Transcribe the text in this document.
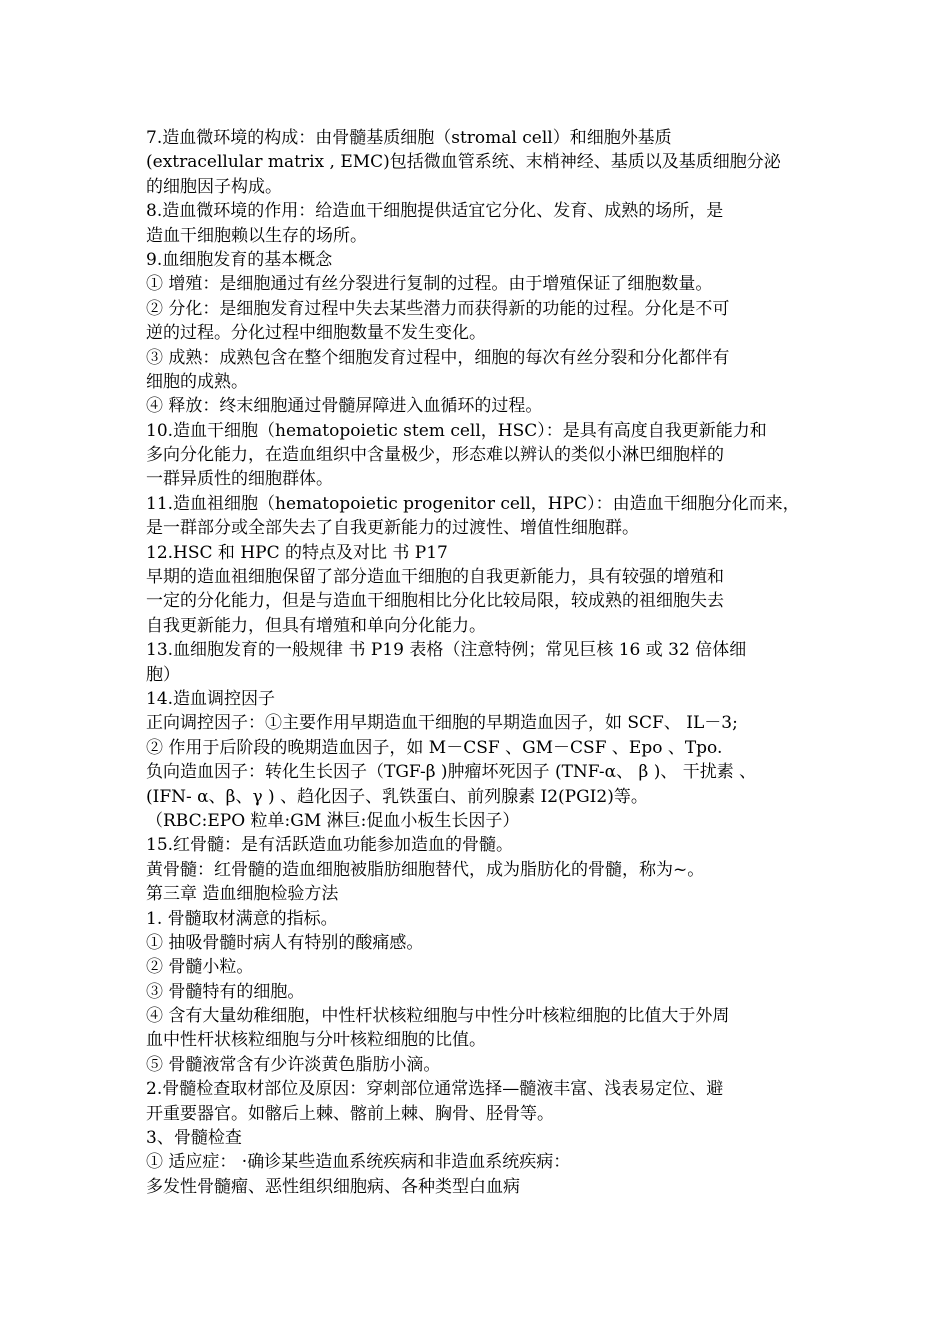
7.造血微环境的构成：由骨髓基质细胞（stromal cell）和细胞外基质
(extracellular matrix , EMC)包括微血管系统、末梢神经、基质以及基质细胞分泌
的细胞因子构成。
8.造血微环境的作用：给造血干细胞提供适宜它分化、发育、成熟的场所，是
造血干细胞赖以生存的场所。
9.血细胞发育的基本概念
① 增殖：是细胞通过有丝分裂进行复制的过程。由于增殖保证了细胞数量。
② 分化：是细胞发育过程中失去某些潜力而获得新的功能的过程。分化是不可
逆的过程。分化过程中细胞数量不发生变化。
③ 成熟：成熟包含在整个细胞发育过程中，细胞的每次有丝分裂和分化都伴有
细胞的成熟。
④ 释放：终末细胞通过骨髓屏障进入血循环的过程。
10.造血干细胞（hematopoietic stem cell，HSC）：是具有高度自我更新能力和
多向分化能力，在造血组织中含量极少，形态难以辨认的类似小淋巴细胞样的
一群异质性的细胞群体。
11.造血祖细胞（hematopoietic progenitor cell，HPC）：由造血干细胞分化而来，
是一群部分或全部失去了自我更新能力的过渡性、增值性细胞群。
12.HSC 和 HPC 的特点及对比 书 P17
早期的造血祖细胞保留了部分造血干细胞的自我更新能力，具有较强的增殖和
一定的分化能力，但是与造血干细胞相比分化比较局限，较成熟的祖细胞失去
自我更新能力，但具有增殖和单向分化能力。
13.血细胞发育的一般规律 书 P19 表格（注意特例；常见巨核 16 或 32 倍体细
胞）
14.造血调控因子
正向调控因子：①主要作用早期造血干细胞的早期造血因子，如 SCF、 IL－3;
② 作用于后阶段的晚期造血因子，如 M－CSF 、GM－CSF 、Epo 、Tpo.
负向造血因子：转化生长因子（TGF-β )肿瘤坏死因子 (TNF-α、 β )、 干扰素 、
(IFN- α、β、γ ) 、趋化因子、乳铁蛋白、前列腺素 I2(PGI2)等。
（RBC:EPO 粒单:GM 淋巨:促血小板生长因子）
15.红骨髓：是有活跃造血功能参加造血的骨髓。
黄骨髓：红骨髓的造血细胞被脂肪细胞替代，成为脂肪化的骨髓，称为~。
第三章 造血细胞检验方法
1. 骨髓取材满意的指标。
① 抽吸骨髓时病人有特别的酸痛感。
② 骨髓小粒。
③ 骨髓特有的细胞。
④ 含有大量幼稚细胞，中性杆状核粒细胞与中性分叶核粒细胞的比值大于外周
血中性杆状核粒细胞与分叶核粒细胞的比值。
⑤ 骨髓液常含有少许淡黄色脂肪小滴。
2.骨髓检查取材部位及原因：穿刺部位通常选择—髓液丰富、浅表易定位、避
开重要器官。如髂后上棘、髂前上棘、胸骨、胫骨等。
3、骨髓检查
① 适应症： ·确诊某些造血系统疾病和非造血系统疾病：
多发性骨髓瘤、恶性组织细胞病、各种类型白血病
